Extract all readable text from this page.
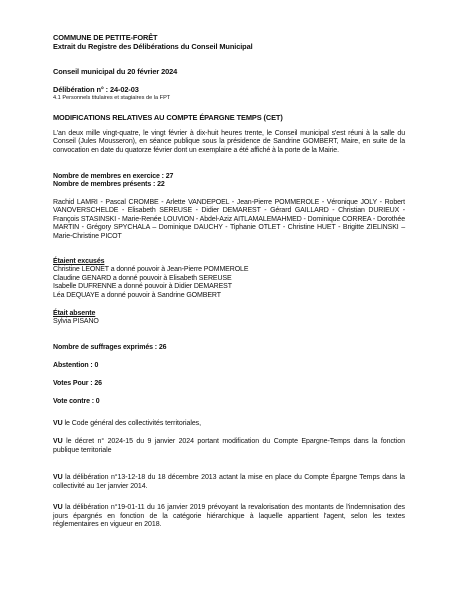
COMMUNE DE PETITE-FORÊT
Extrait du Registre des Délibérations du Conseil Municipal
Conseil municipal du 20 février 2024
Délibération n° : 24-02-03
4.1 Personnels titulaires et stagiaires de la FPT
MODIFICATIONS RELATIVES AU COMPTE ÉPARGNE TEMPS (CET)

L'an deux mille vingt-quatre, le vingt février à dix-huit heures trente, le Conseil municipal s'est réuni à la salle du Conseil (Jules Mousseron), en séance publique sous la présidence de Sandrine GOMBERT, Maire, en suite de la convocation en date du quatorze février dont un exemplaire a été affiché à la porte de la Mairie.

Nombre de membres en exercice : 27
Nombre de membres présents : 22

Rachid LAMRI - Pascal CROMBE - Arlette VANDEPOEL - Jean-Pierre POMMEROLE - Véronique JOLY - Robert VANOVERSCHELDE - Elisabeth SEREUSE - Didier DEMAREST - Gérard GAILLARD - Christian DURIEUX - François STASINSKI - Marie-Renée LOUVION - Abdel-Aziz AITLAMALEMAHMED - Dominique CORREA - Dorothée MARTIN - Grégory SPYCHALA – Dominique DAUCHY - Tiphanie OTLET - Christine HUET - Brigitte ZIELINSKI – Marie-Christine PICOT

Étaient excusés
Christine LEONET a donné pouvoir à Jean-Pierre POMMEROLE
Claudine GENARD a donné pouvoir à Elisabeth SEREUSE
Isabelle DUFRENNE a donné pouvoir à Didier DEMAREST
Léa DEQUAYE a donné pouvoir à Sandrine GOMBERT
Était absente
Sylvia PISANO
Nombre de suffrages exprimés : 26
Abstention : 0
Votes Pour : 26
Vote contre : 0

VU le Code général des collectivités territoriales,

VU le décret n° 2024-15 du 9 janvier 2024 portant modification du Compte Epargne-Temps dans la fonction publique territoriale

VU la délibération n°13-12-18 du 18 décembre 2013 actant la mise en place du Compte Épargne Temps dans la collectivité au 1er janvier 2014.

VU la délibération n°19-01-11 du 16 janvier 2019 prévoyant la revalorisation des montants de l'indemnisation des jours épargnés en fonction de la catégorie hiérarchique à laquelle appartient l'agent, selon les textes réglementaires en vigueur en 2018.
